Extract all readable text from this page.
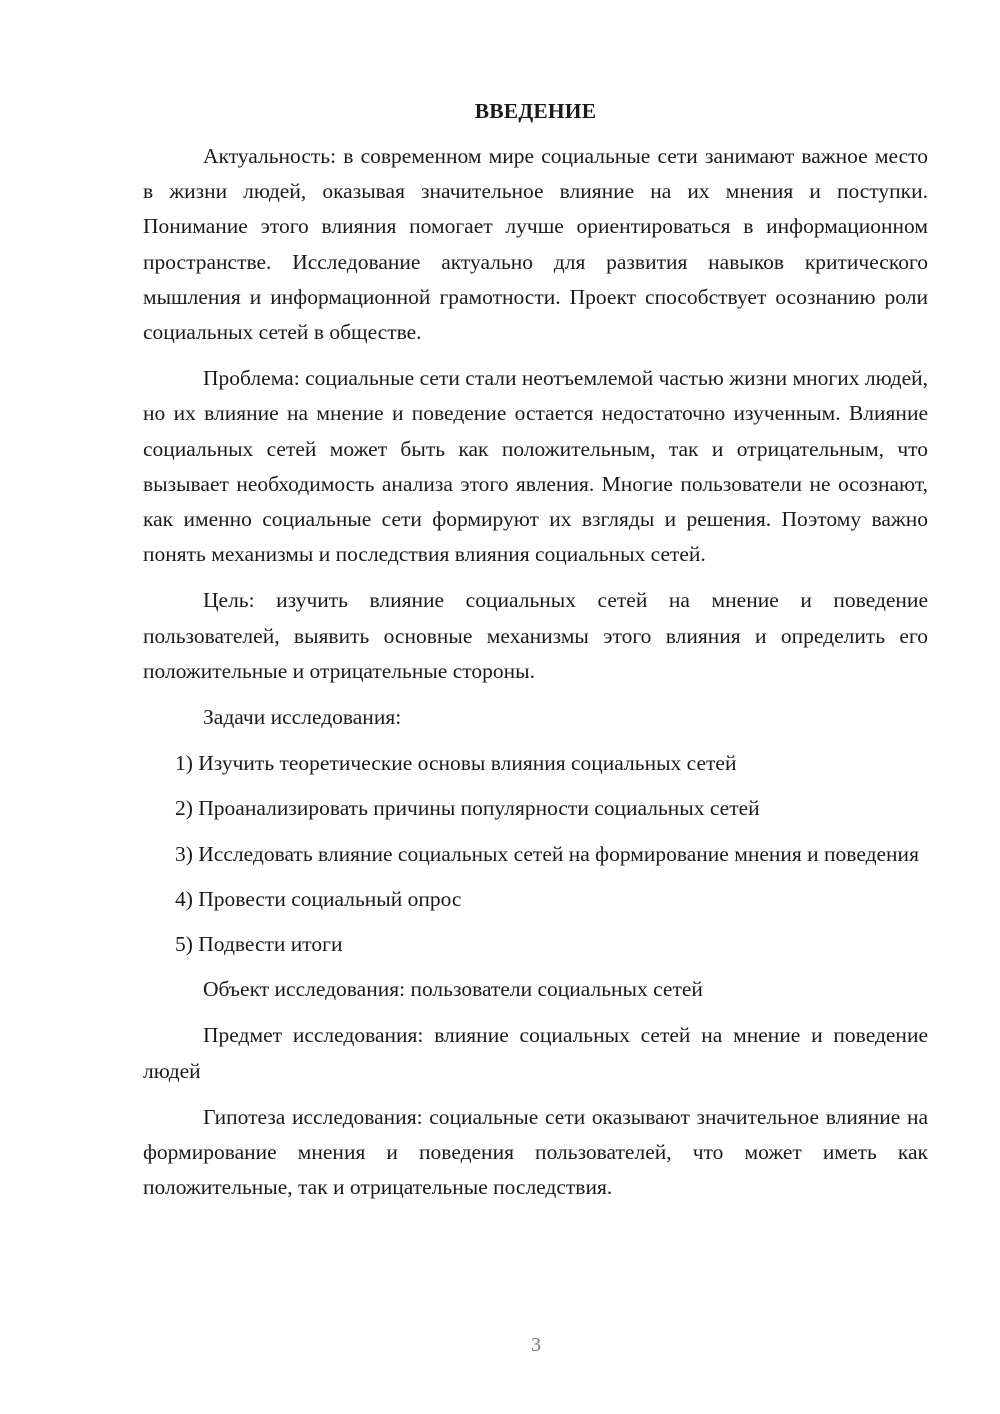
ВВЕДЕНИЕ

Актуальность: в современном мире социальные сети занимают важное место в жизни людей, оказывая значительное влияние на их мнения и поступки. Понимание этого влияния помогает лучше ориентироваться в информационном пространстве. Исследование актуально для развития навыков критического мышления и информационной грамотности. Проект способствует осознанию роли социальных сетей в обществе.

Проблема: социальные сети стали неотъемлемой частью жизни многих людей, но их влияние на мнение и поведение остается недостаточно изученным. Влияние социальных сетей может быть как положительным, так и отрицательным, что вызывает необходимость анализа этого явления. Многие пользователи не осознают, как именно социальные сети формируют их взгляды и решения. Поэтому важно понять механизмы и последствия влияния социальных сетей.

Цель: изучить влияние социальных сетей на мнение и поведение пользователей, выявить основные механизмы этого влияния и определить его положительные и отрицательные стороны.

Задачи исследования:

1) Изучить теоретические основы влияния социальных сетей

2) Проанализировать причины популярности социальных сетей

3) Исследовать влияние социальных сетей на формирование мнения и поведения

4) Провести социальный опрос

5) Подвести итоги

Объект исследования: пользователи социальных сетей

Предмет исследования: влияние социальных сетей на мнение и поведение людей

Гипотеза исследования: социальные сети оказывают значительное влияние на формирование мнения и поведения пользователей, что может иметь как положительные, так и отрицательные последствия.

3
